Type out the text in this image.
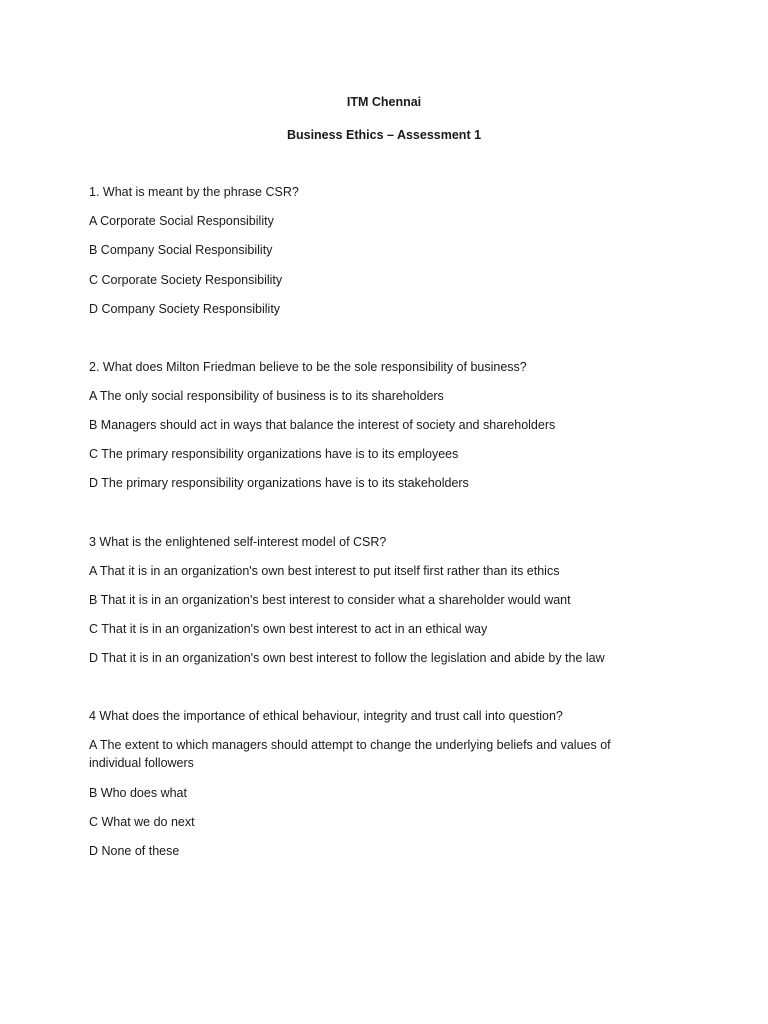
ITM Chennai

Business Ethics – Assessment 1

1. What is meant by the phrase CSR?

A Corporate Social Responsibility

B Company Social Responsibility

C Corporate Society Responsibility

D Company Society Responsibility

2. What does Milton Friedman believe to be the sole responsibility of business?

A The only social responsibility of business is to its shareholders

B Managers should act in ways that balance the interest of society and shareholders

C The primary responsibility organizations have is to its employees

D The primary responsibility organizations have is to its stakeholders

3 What is the enlightened self-interest model of CSR?

A That it is in an organization's own best interest to put itself first rather than its ethics

B That it is in an organization's best interest to consider what a shareholder would want

C That it is in an organization's own best interest to act in an ethical way

D That it is in an organization's own best interest to follow the legislation and abide by the law

4 What does the importance of ethical behaviour, integrity and trust call into question?

A The extent to which managers should attempt to change the underlying beliefs and values of individual followers

B Who does what

C What we do next

D None of these
